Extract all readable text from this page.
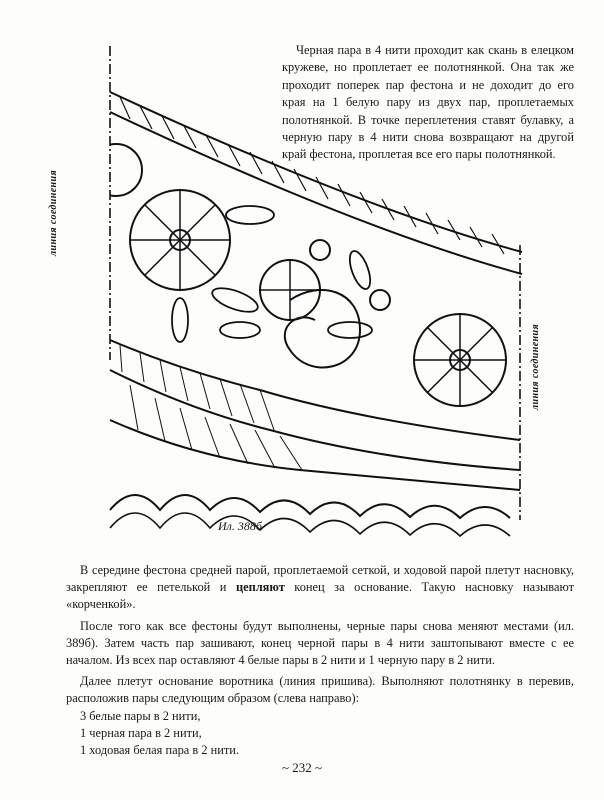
Черная пара в 4 нити проходит как скань в елецком кружеве, но проплетает ее полотнянкой. Она так же проходит поперек пар фестона и не доходит до его края на 1 белую пару из двух пар, проплетаемых полотнянкой. В точке переплетения ставят булавку, а черную пару в 4 нити снова возвращают на другой край фестона, проплетая все его пары полотнянкой.

линия соединения
линия соединения
Ил. 388б

В середине фестона средней парой, проплетаемой сеткой, и ходовой парой плетут насновку, закрепляют ее петелькой и цепляют конец за основание. Такую насновку называют «корченкой».

После того как все фестоны будут выполнены, черные пары снова меняют местами (ил. 389б). Затем часть пар зашивают, конец черной пары в 4 нити заштопывают вместе с ее началом. Из всех пар оставляют 4 белые пары в 2 нити и 1 черную пару в 2 нити.

Далее плетут основание воротника (линия пришива). Выполняют полотнянку в перевив, расположив пары следующим образом (слева направо):

3 белые пары в 2 нити,

1 черная пара в 2 нити,

1 ходовая белая пара в 2 нити.

~ 232 ~
